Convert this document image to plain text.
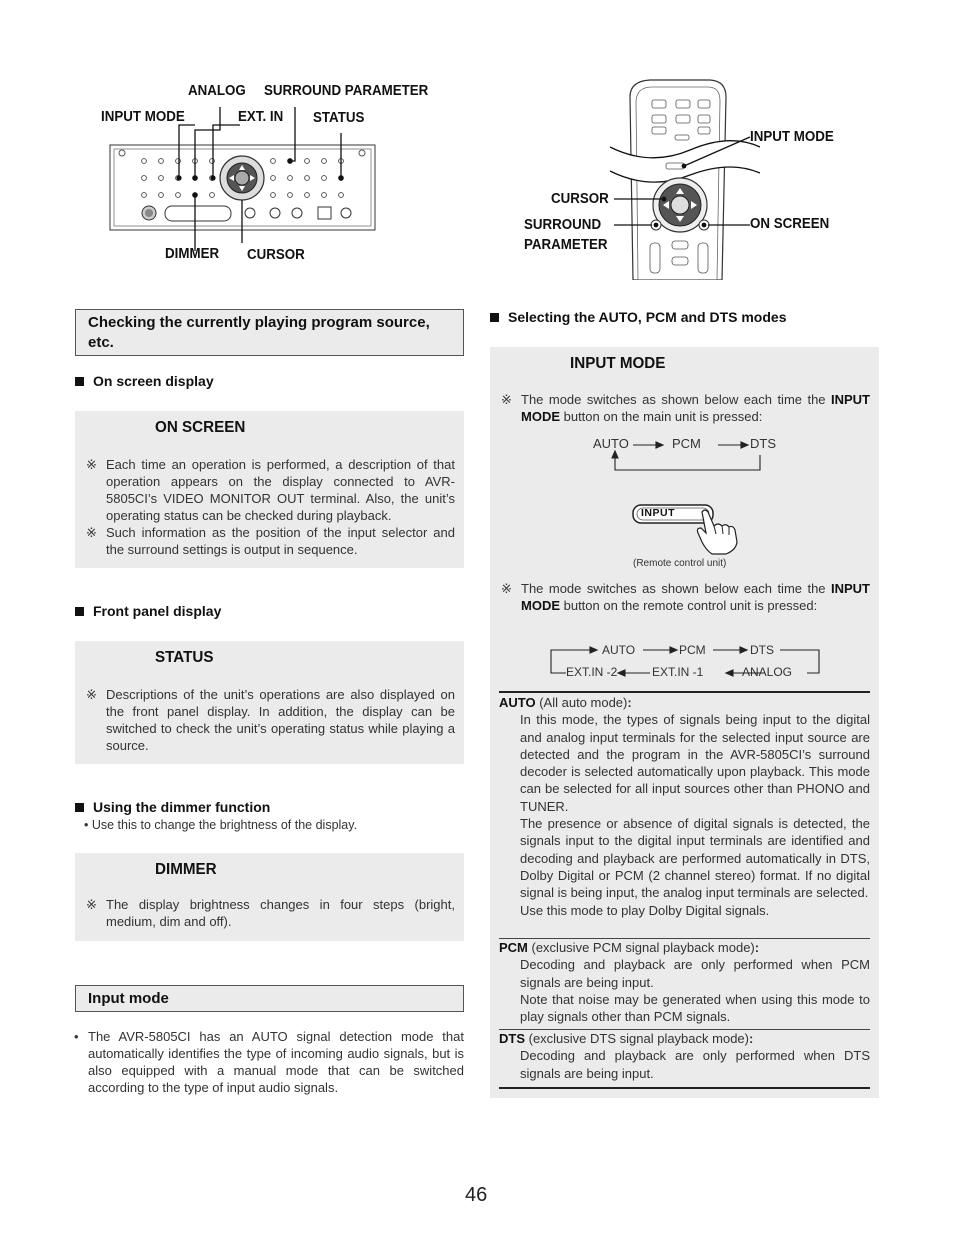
ANALOG SURROUND PARAMETER
INPUT MODE	EXT. IN STATUS
DIMMER CURSOR
INPUT MODE
CURSOR
ON SCREEN
SURROUND
PARAMETER
Checking the currently playing program source, etc.
On screen display
ON SCREEN
※ Each time an operation is performed, a description of that operation appears on the display connected to AVR-5805CI’s VIDEO MONITOR OUT terminal. Also, the unit’s operating status can be checked during playback.
※ Such information as the position of the input selector and the surround settings is output in sequence.
Front panel display
STATUS
※ Descriptions of the unit’s operations are also displayed on the front panel display. In addition, the display can be switched to check the unit’s operating status while playing a source.
Using the dimmer function
• Use this to change the brightness of the display.
DIMMER
※ The display brightness changes in four steps (bright, medium, dim and off).
Input mode
• The AVR-5805CI has an AUTO signal detection mode that automatically identifies the type of incoming audio signals, but is also equipped with a manual mode that can be switched according to the type of input audio signals.
Selecting the AUTO, PCM and DTS modes
INPUT MODE
※ The mode switches as shown below each time the INPUT MODE button on the main unit is pressed:
AUTO	PCM	DTS
INPUT
(Remote control unit)
※ The mode switches as shown below each time the INPUT MODE button on the remote control unit is pressed:
AUTO	PCM	DTS
EXT.IN -2	EXT.IN -1	ANALOG
AUTO (All auto mode):
In this mode, the types of signals being input to the digital and analog input terminals for the selected input source are detected and the program in the AVR-5805CI’s surround decoder is selected automatically upon playback. This mode can be selected for all input sources other than PHONO and TUNER.
The presence or absence of digital signals is detected, the signals input to the digital input terminals are identified and decoding and playback are performed automatically in DTS, Dolby Digital or PCM (2 channel stereo) format. If no digital signal is being input, the analog input terminals are selected.
Use this mode to play Dolby Digital signals.
PCM (exclusive PCM signal playback mode):
Decoding and playback are only performed when PCM signals are being input.
Note that noise may be generated when using this mode to play signals other than PCM signals.
DTS (exclusive DTS signal playback mode):
Decoding and playback are only performed when DTS signals are being input.
46
